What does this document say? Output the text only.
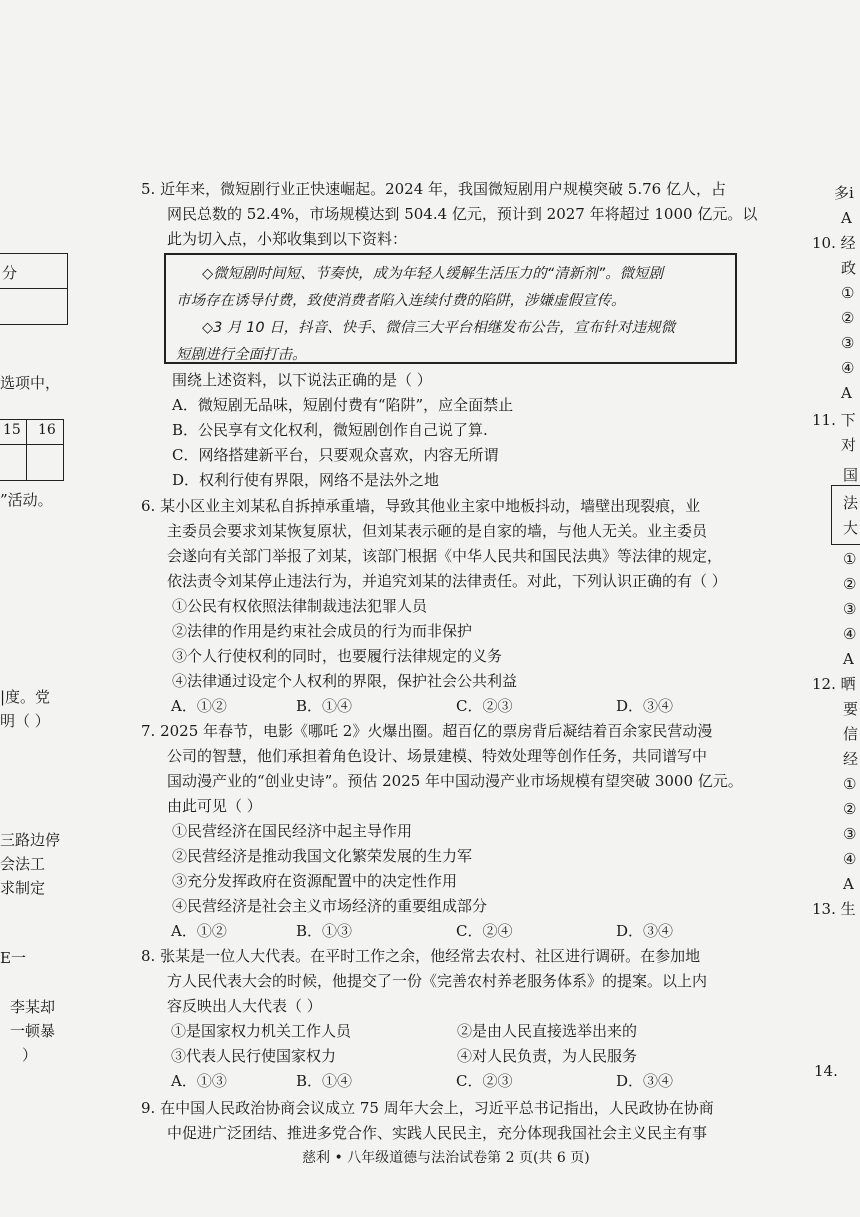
分
选项中，
15 16
”活动。
|度。党
明（ ）
三路边停
会法工
求制定
E一
李某却
一顿暴
）
5. 近年来，微短剧行业正快速崛起。2024 年，我国微短剧用户规模突破 5.76 亿人，占
网民总数的 52.4%，市场规模达到 504.4 亿元，预计到 2027 年将超过 1000 亿元。以
此为切入点，小郑收集到以下资料：
◇微短剧时间短、节奏快，成为年轻人缓解生活压力的“清新剂”。微短剧
市场存在诱导付费，致使消费者陷入连续付费的陷阱，涉嫌虚假宣传。
◇3 月 10 日，抖音、快手、微信三大平台相继发布公告，宣布针对违规微
短剧进行全面打击。
围绕上述资料，以下说法正确的是（ ）
A．微短剧无品味，短剧付费有“陷阱”，应全面禁止
B．公民享有文化权利，微短剧创作自己说了算.
C．网络搭建新平台，只要观众喜欢，内容无所谓
D．权利行使有界限，网络不是法外之地
6. 某小区业主刘某私自拆掉承重墙，导致其他业主家中地板抖动，墙壁出现裂痕，业
主委员会要求刘某恢复原状，但刘某表示砸的是自家的墙，与他人无关。业主委员
会遂向有关部门举报了刘某，该部门根据《中华人民共和国民法典》等法律的规定，
依法责令刘某停止违法行为，并追究刘某的法律责任。对此，下列认识正确的有（ ）
①公民有权依照法律制裁违法犯罪人员
②法律的作用是约束社会成员的行为而非保护
③个人行使权利的同时，也要履行法律规定的义务
④法律通过设定个人权利的界限，保护社会公共利益
A．①②	B．①④	C．②③	D．③④
7. 2025 年春节，电影《哪吒 2》火爆出圈。超百亿的票房背后凝结着百余家民营动漫
公司的智慧，他们承担着角色设计、场景建模、特效处理等创作任务，共同谱写中
国动漫产业的“创业史诗”。预估 2025 年中国动漫产业市场规模有望突破 3000 亿元。
由此可见（ ）
①民营经济在国民经济中起主导作用
②民营经济是推动我国文化繁荣发展的生力军
③充分发挥政府在资源配置中的决定性作用
④民营经济是社会主义市场经济的重要组成部分
A．①②	B．①③	C．②④	D．③④
8. 张某是一位人大代表。在平时工作之余，他经常去农村、社区进行调研。在参加地
方人民代表大会的时候，他提交了一份《完善农村养老服务体系》的提案。以上内
容反映出人大代表（ ）
①是国家权力机关工作人员	②是由人民直接选举出来的
③代表人民行使国家权力	④对人民负责，为人民服务
A．①③	B．①④	C．②③	D．③④
9. 在中国人民政治协商会议成立 75 周年大会上，习近平总书记指出，人民政协在协商
中促进广泛团结、推进多党合作、实践人民民主，充分体现我国社会主义民主有事
慈利 • 八年级道德与法治试卷第 2 页(共 6 页)
多i
A
10. 经
政
①
②
③
④
A
11. 下
对
国
法
大
①
②
③
④
A
12. 晒
要
信
经
①
②
③
④
A
13. 生
14.
